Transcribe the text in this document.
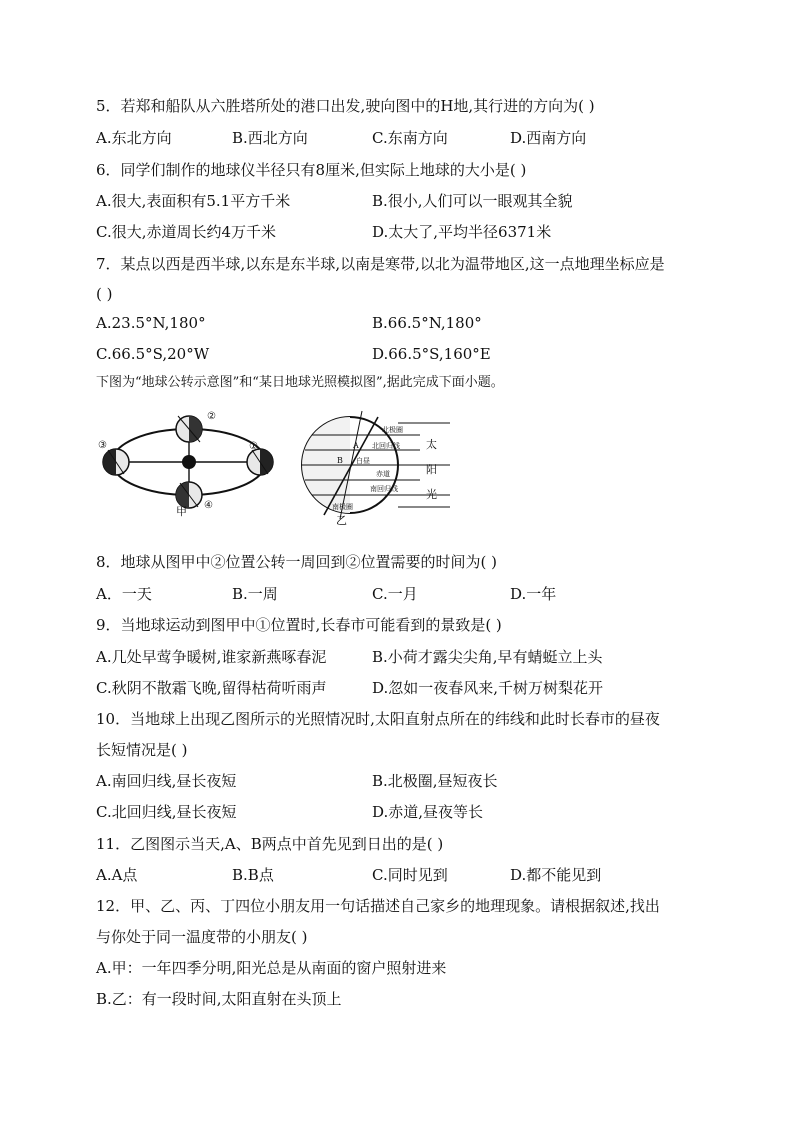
5．若郑和船队从六胜塔所处的港口出发,驶向图中的H地,其行进的方向为( )
A.东北方向	B.西北方向	C.东南方向	D.西南方向
6．同学们制作的地球仪半径只有8厘米,但实际上地球的大小是( )
A.很大,表面积有5.1平方千米	B.很小,人们可以一眼观其全貌
C.很大,赤道周长约4万千米	D.太大了,平均半径6371米
7．某点以西是西半球,以东是东半球,以南是寒带,以北为温带地区,这一点地理坐标应是
( )
A.23.5°N,180°	B.66.5°N,180°
C.66.5°S,20°W	D.66.5°S,160°E
下图为“地球公转示意图”和“某日地球光照模拟图”,据此完成下面小题。
②
③	①
④
甲
北极圈
A
B
北回归线
赤道
南回归线
南极圈
白昼
太
阳
光
乙
8．地球从图甲中②位置公转一周回到②位置需要的时间为( )
A．一天	B.一周	C.一月	D.一年
9．当地球运动到图甲中①位置时,长春市可能看到的景致是( )
A.几处早莺争暖树,谁家新燕啄春泥	B.小荷才露尖尖角,早有蜻蜓立上头
C.秋阴不散霜飞晚,留得枯荷听雨声	D.忽如一夜春风来,千树万树梨花开
10．当地球上出现乙图所示的光照情况时,太阳直射点所在的纬线和此时长春市的昼夜
长短情况是( )
A.南回归线,昼长夜短	B.北极圈,昼短夜长
C.北回归线,昼长夜短	D.赤道,昼夜等长
11．乙图图示当天,A、B两点中首先见到日出的是( )
A.A点	B.B点	C.同时见到	D.都不能见到
12．甲、乙、丙、丁四位小朋友用一句话描述自己家乡的地理现象。请根据叙述,找出
与你处于同一温度带的小朋友( )
A.甲：一年四季分明,阳光总是从南面的窗户照射进来
B.乙：有一段时间,太阳直射在头顶上
